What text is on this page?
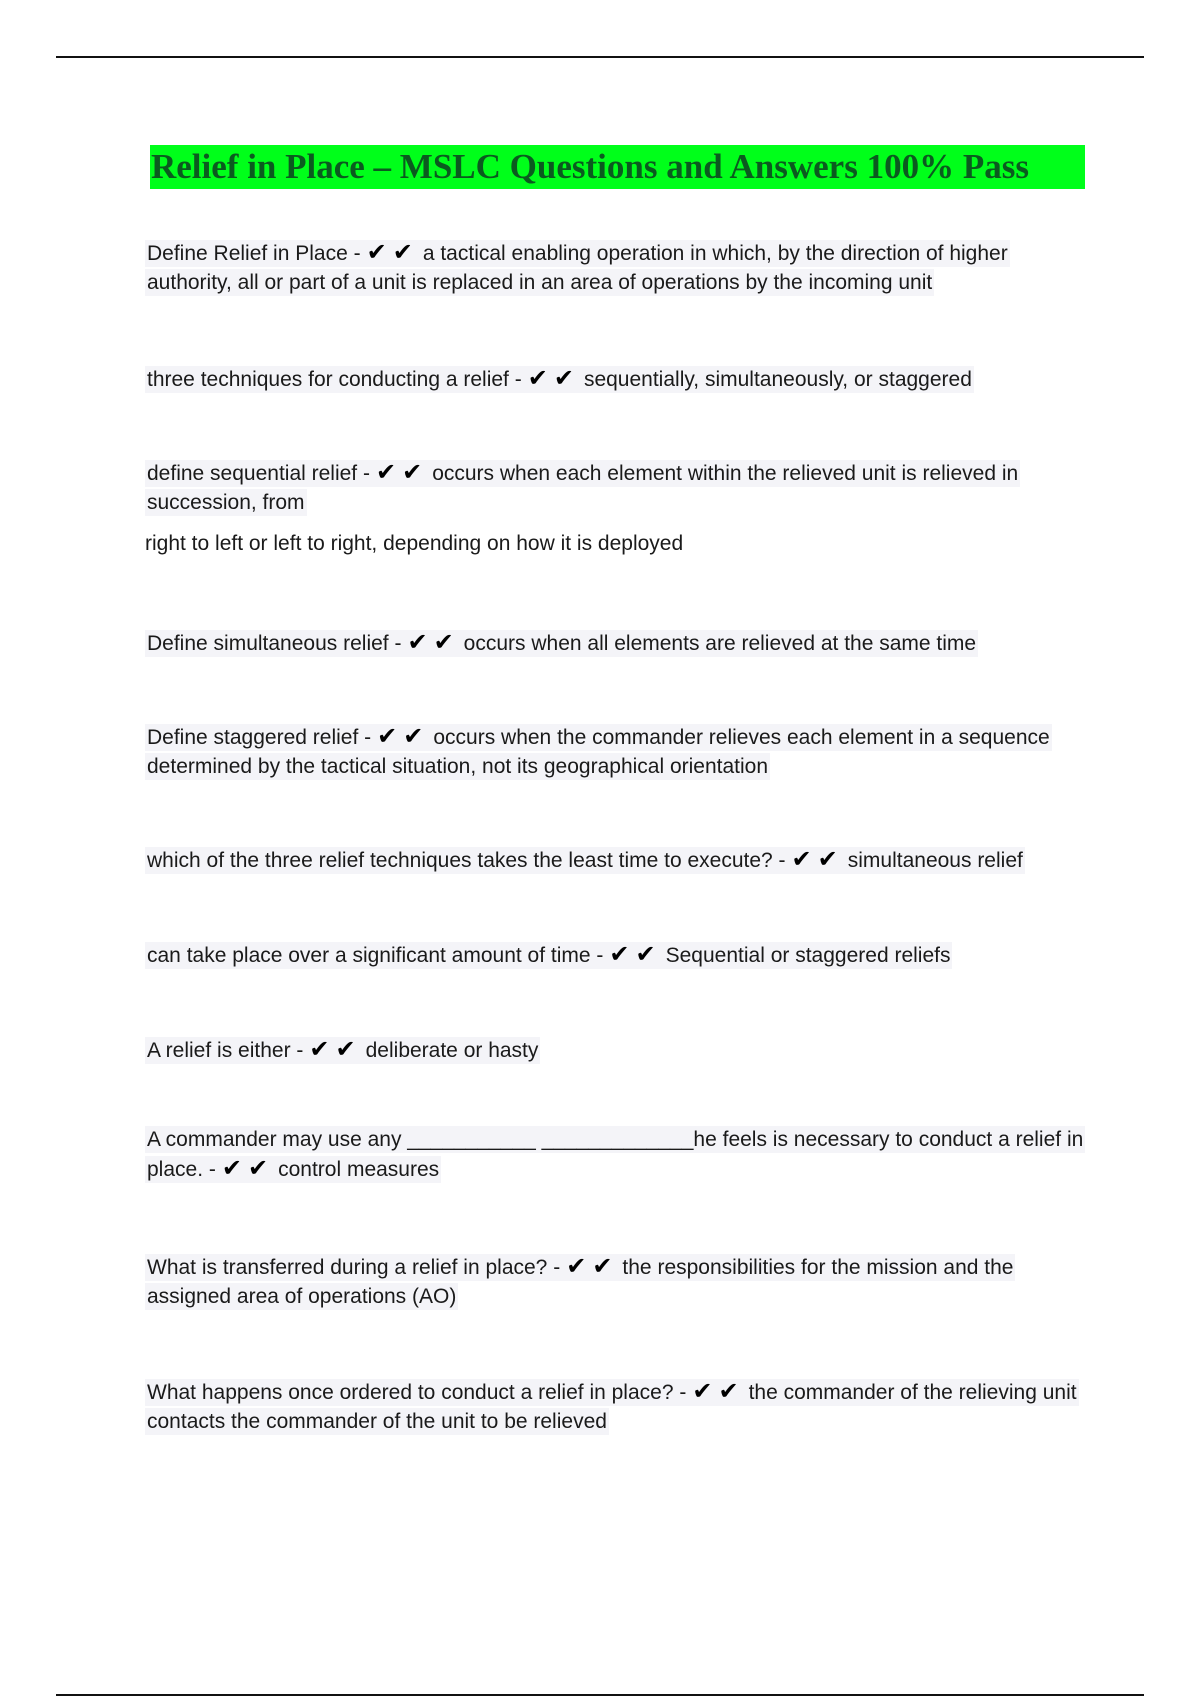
Relief in Place – MSLC Questions and Answers 100% Pass
Define Relief in Place - ✔✔ a tactical enabling operation in which, by the direction of higher authority, all or part of a unit is replaced in an area of operations by the incoming unit
three techniques for conducting a relief - ✔✔ sequentially, simultaneously, or staggered
define sequential relief - ✔✔ occurs when each element within the relieved unit is relieved in succession, from
right to left or left to right, depending on how it is deployed
Define simultaneous relief - ✔✔ occurs when all elements are relieved at the same time
Define staggered relief - ✔✔ occurs when the commander relieves each element in a sequence determined by the tactical situation, not its geographical orientation
which of the three relief techniques takes the least time to execute? - ✔✔ simultaneous relief
can take place over a significant amount of time - ✔✔ Sequential or staggered reliefs
A relief is either - ✔✔ deliberate or hasty
A commander may use any ___________ _____________he feels is necessary to conduct a relief in place. - ✔✔ control measures
What is transferred during a relief in place? - ✔✔ the responsibilities for the mission and the assigned area of operations (AO)
What happens once ordered to conduct a relief in place? - ✔✔ the commander of the relieving unit contacts the commander of the unit to be relieved
